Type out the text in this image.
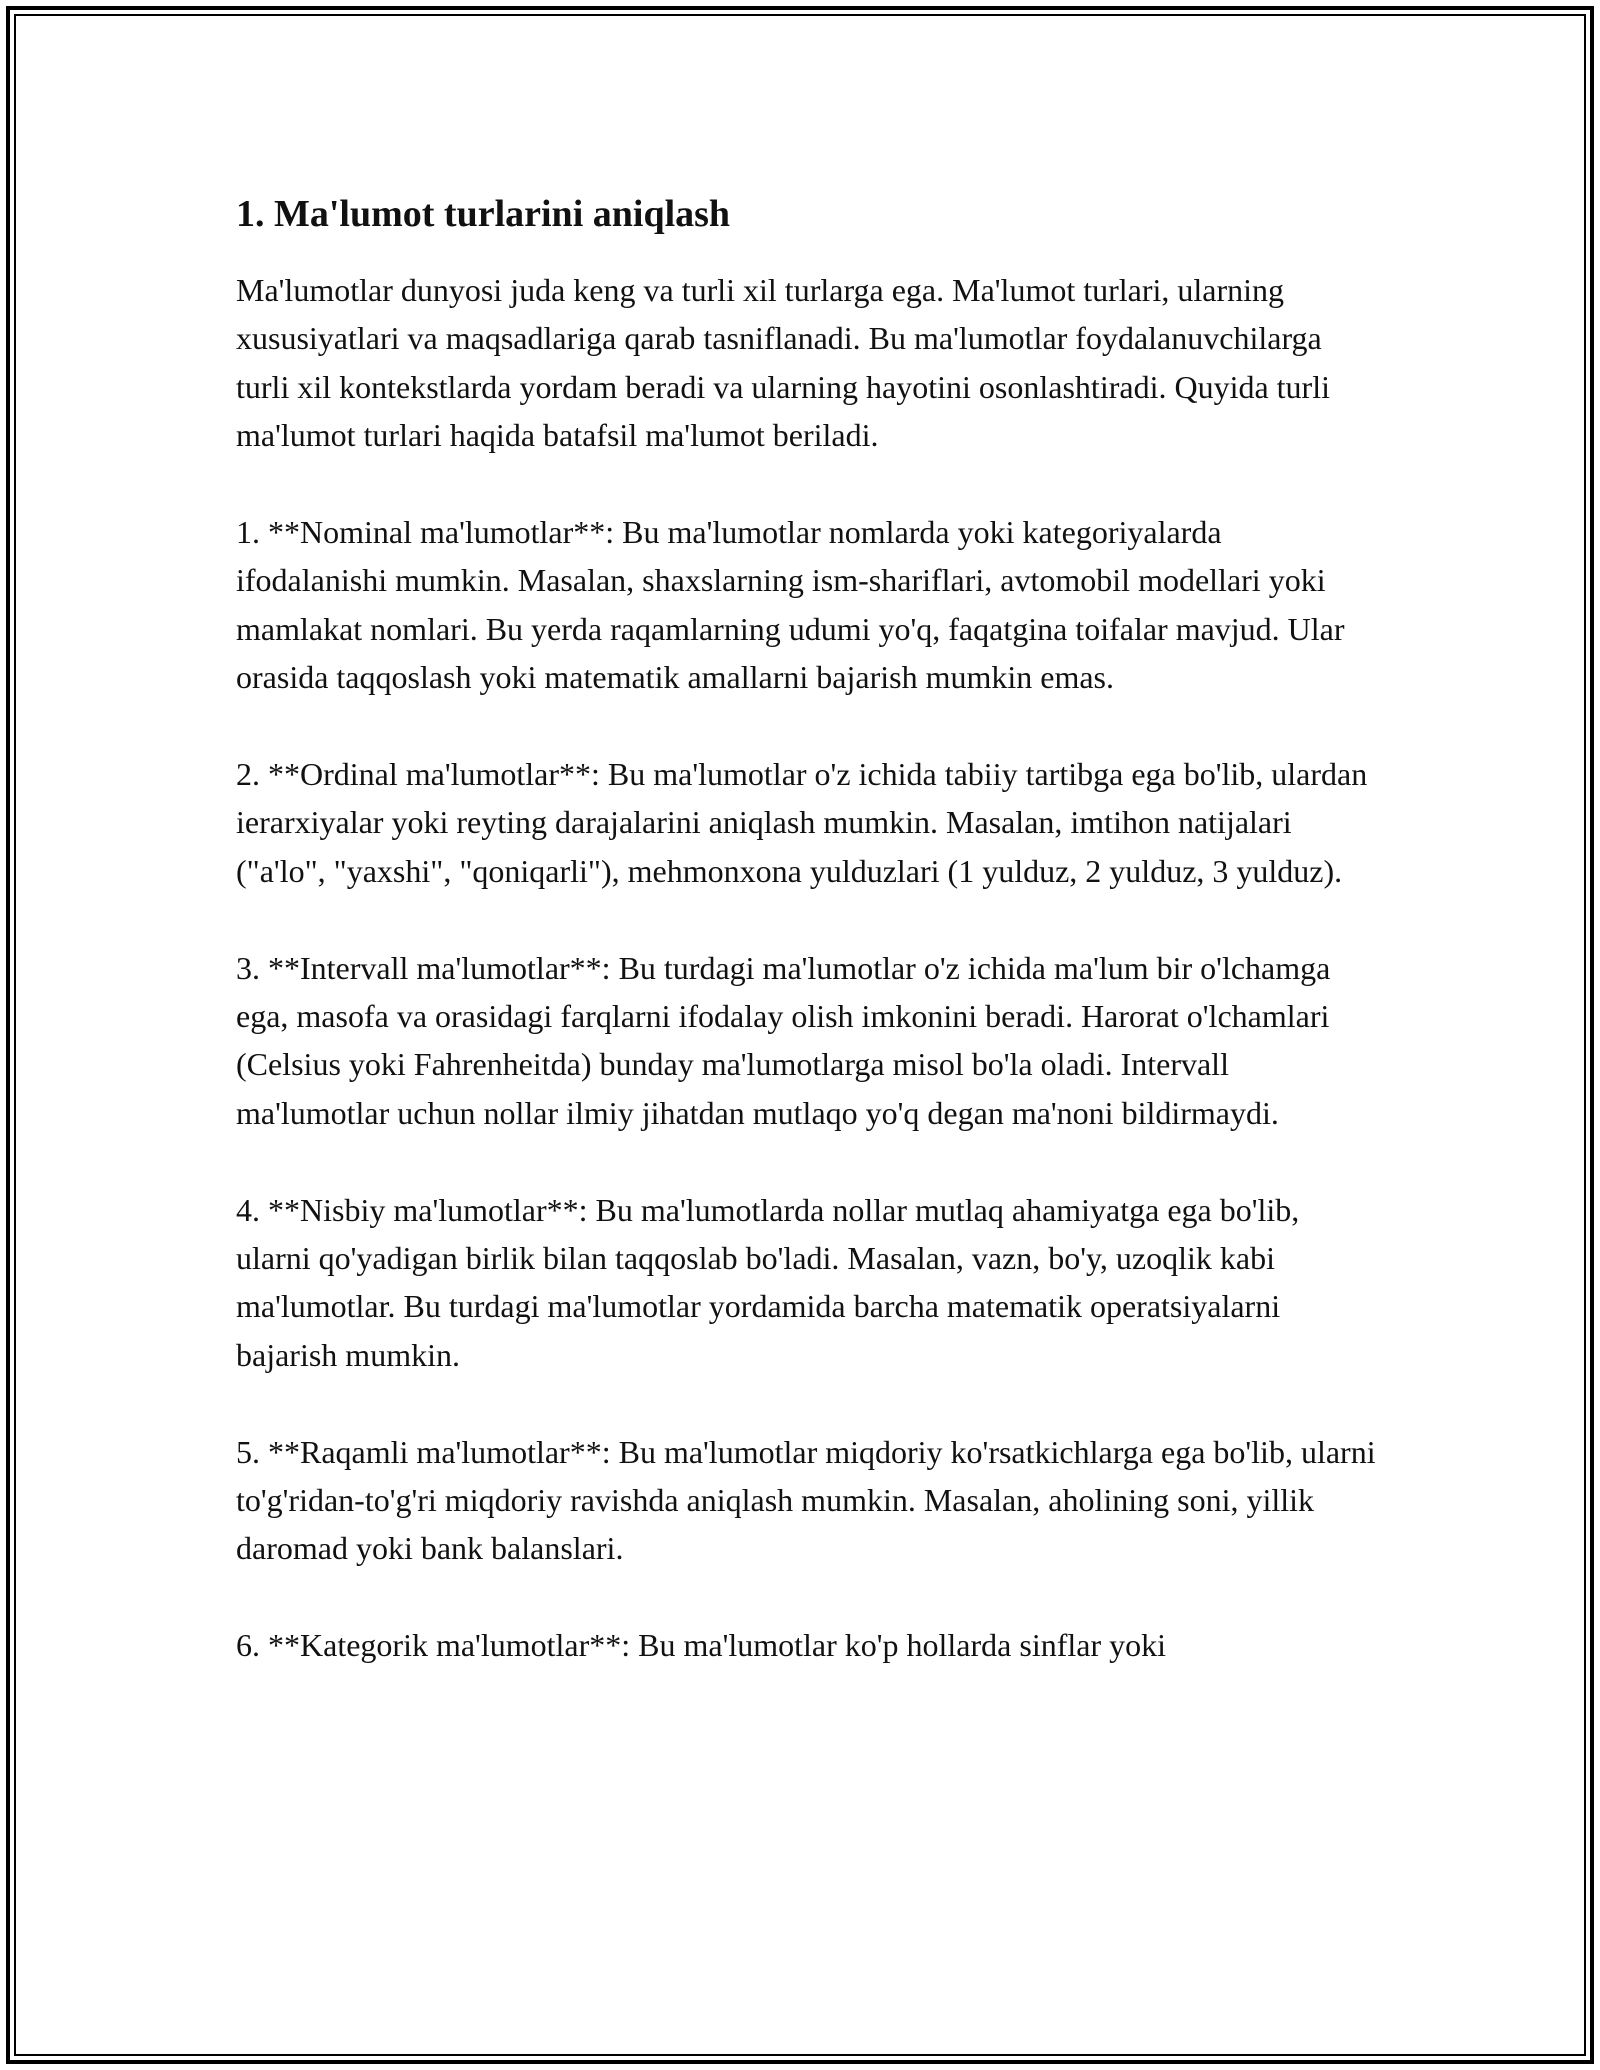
1. Ma'lumot turlarini aniqlash

Ma'lumotlar dunyosi juda keng va turli xil turlarga ega. Ma'lumot turlari, ularning xususiyatlari va maqsadlariga qarab tasniflanadi. Bu ma'lumotlar foydalanuvchilarga turli xil kontekstlarda yordam beradi va ularning hayotini osonlashtiradi. Quyida turli ma'lumot turlari haqida batafsil ma'lumot beriladi.

1. **Nominal ma'lumotlar**: Bu ma'lumotlar nomlarda yoki kategoriyalarda ifodalanishi mumkin. Masalan, shaxslarning ism-shariflari, avtomobil modellari yoki mamlakat nomlari. Bu yerda raqamlarning udumi yo'q, faqatgina toifalar mavjud. Ular orasida taqqoslash yoki matematik amallarni bajarish mumkin emas.

2. **Ordinal ma'lumotlar**: Bu ma'lumotlar o'z ichida tabiiy tartibga ega bo'lib, ulardan ierarxiyalar yoki reyting darajalarini aniqlash mumkin. Masalan, imtihon natijalari ("a'lo", "yaxshi", "qoniqarli"), mehmonxona yulduzlari (1 yulduz, 2 yulduz, 3 yulduz).

3. **Intervall ma'lumotlar**: Bu turdagi ma'lumotlar o'z ichida ma'lum bir o'lchamga ega, masofa va orasidagi farqlarni ifodalay olish imkonini beradi. Harorat o'lchamlari (Celsius yoki Fahrenheitda) bunday ma'lumotlarga misol bo'la oladi. Intervall ma'lumotlar uchun nollar ilmiy jihatdan mutlaqo yo'q degan ma'noni bildirmaydi.

4. **Nisbiy ma'lumotlar**: Bu ma'lumotlarda nollar mutlaq ahamiyatga ega bo'lib, ularni qo'yadigan birlik bilan taqqoslab bo'ladi. Masalan, vazn, bo'y, uzoqlik kabi ma'lumotlar. Bu turdagi ma'lumotlar yordamida barcha matematik operatsiyalarni bajarish mumkin.

5. **Raqamli ma'lumotlar**: Bu ma'lumotlar miqdoriy ko'rsatkichlarga ega bo'lib, ularni to'g'ridan-to'g'ri miqdoriy ravishda aniqlash mumkin. Masalan, aholining soni, yillik daromad yoki bank balanslari.

6. **Kategorik ma'lumotlar**: Bu ma'lumotlar ko'p hollarda sinflar yoki
